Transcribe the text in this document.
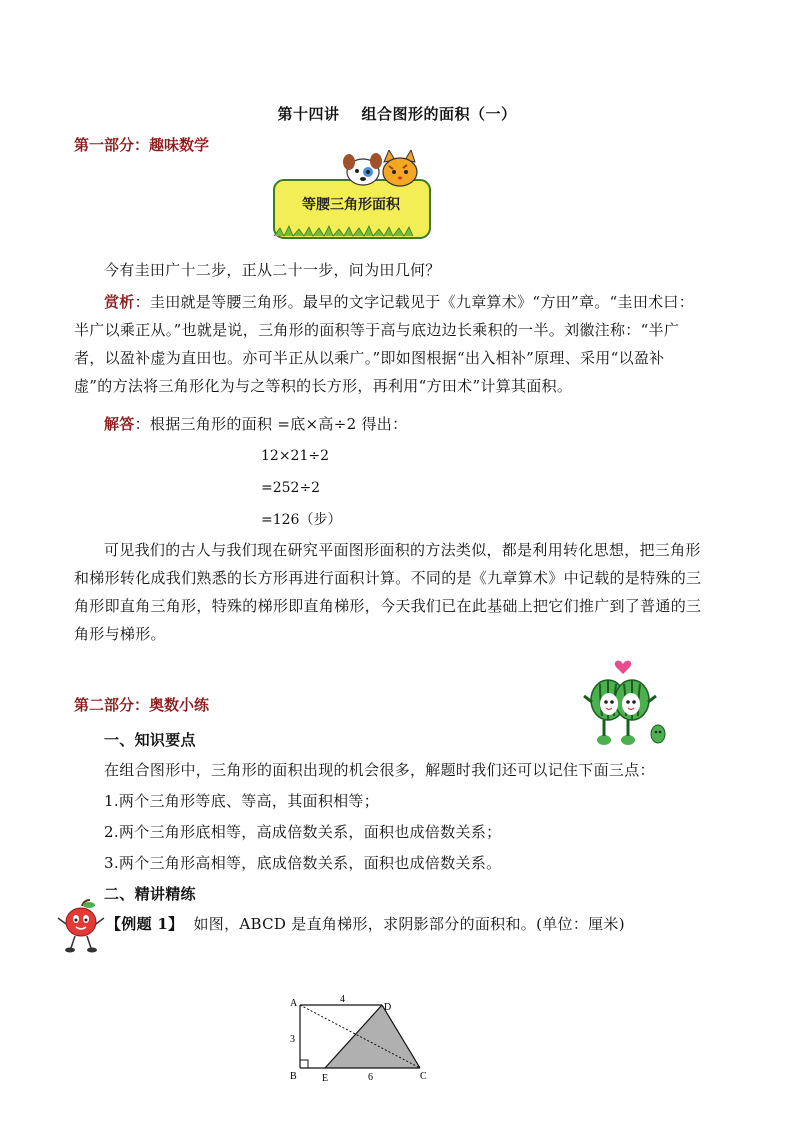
第十四讲 组合图形的面积（一）
第一部分：趣味数学
等腰三角形面积
今有圭田广十二步，正从二十一步，问为田几何？
赏析：圭田就是等腰三角形。最早的文字记载见于《九章算术》“方田”章。“圭田术曰：
半广以乘正从。”也就是说，三角形的面积等于高与底边边长乘积的一半。刘徽注称：“半广
者，以盈补虚为直田也。亦可半正从以乘广。”即如图根据“出入相补”原理、采用“以盈补
虚”的方法将三角形化为与之等积的长方形，再利用“方田术”计算其面积。
解答：根据三角形的面积 =底×高÷2 得出：
12×21÷2
=252÷2
=126（步）
可见我们的古人与我们现在研究平面图形面积的方法类似，都是利用转化思想，把三角形
和梯形转化成我们熟悉的长方形再进行面积计算。不同的是《九章算术》中记载的是特殊的三
角形即直角三角形，特殊的梯形即直角梯形，今天我们已在此基础上把它们推广到了普通的三
角形与梯形。
第二部分：奥数小练
一、知识要点
在组合图形中，三角形的面积出现的机会很多，解题时我们还可以记住下面三点：
1.两个三角形等底、等高，其面积相等；
2.两个三角形底相等，高成倍数关系，面积也成倍数关系；
3.两个三角形高相等，底成倍数关系，面积也成倍数关系。
二、精讲精练
【例题 1】 如图，ABCD 是直角梯形，求阴影部分的面积和。(单位：厘米)
A	D
B	E	C
4
3
6
